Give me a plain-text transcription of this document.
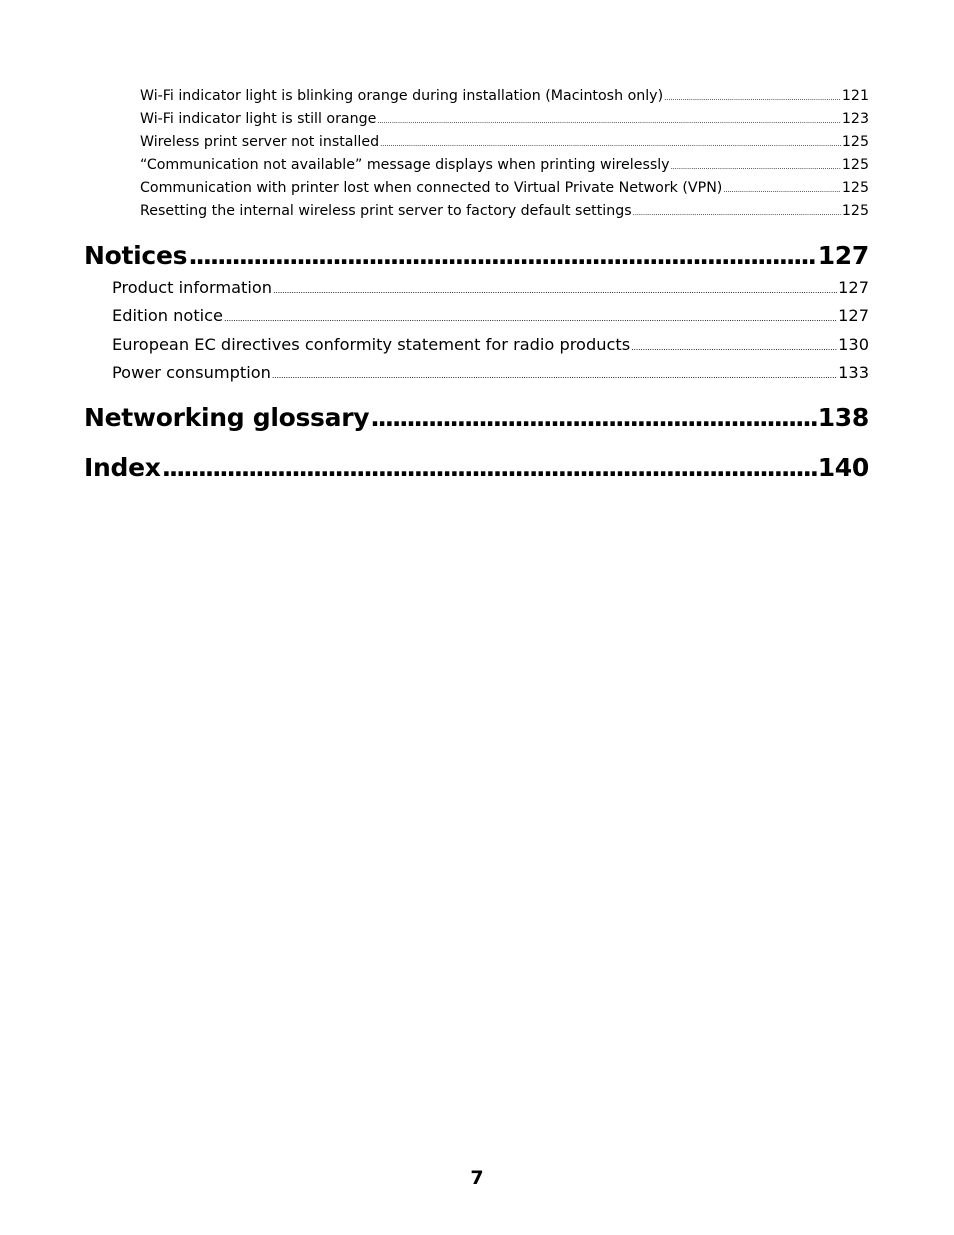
Wi-Fi indicator light is blinking orange during installation (Macintosh only) . . .	121
Wi-Fi indicator light is still orange . . .	123
Wireless print server not installed . . .	125
“Communication not available” message displays when printing wirelessly . . .	125
Communication with printer lost when connected to Virtual Private Network (VPN) . . .	125
Resetting the internal wireless print server to factory default settings . . .	125
Notices . . .	127
Product information . . .	127
Edition notice . . .	127
European EC directives conformity statement for radio products . . .	130
Power consumption . . .	133
Networking glossary . . .	138
Index . . .	140
7
